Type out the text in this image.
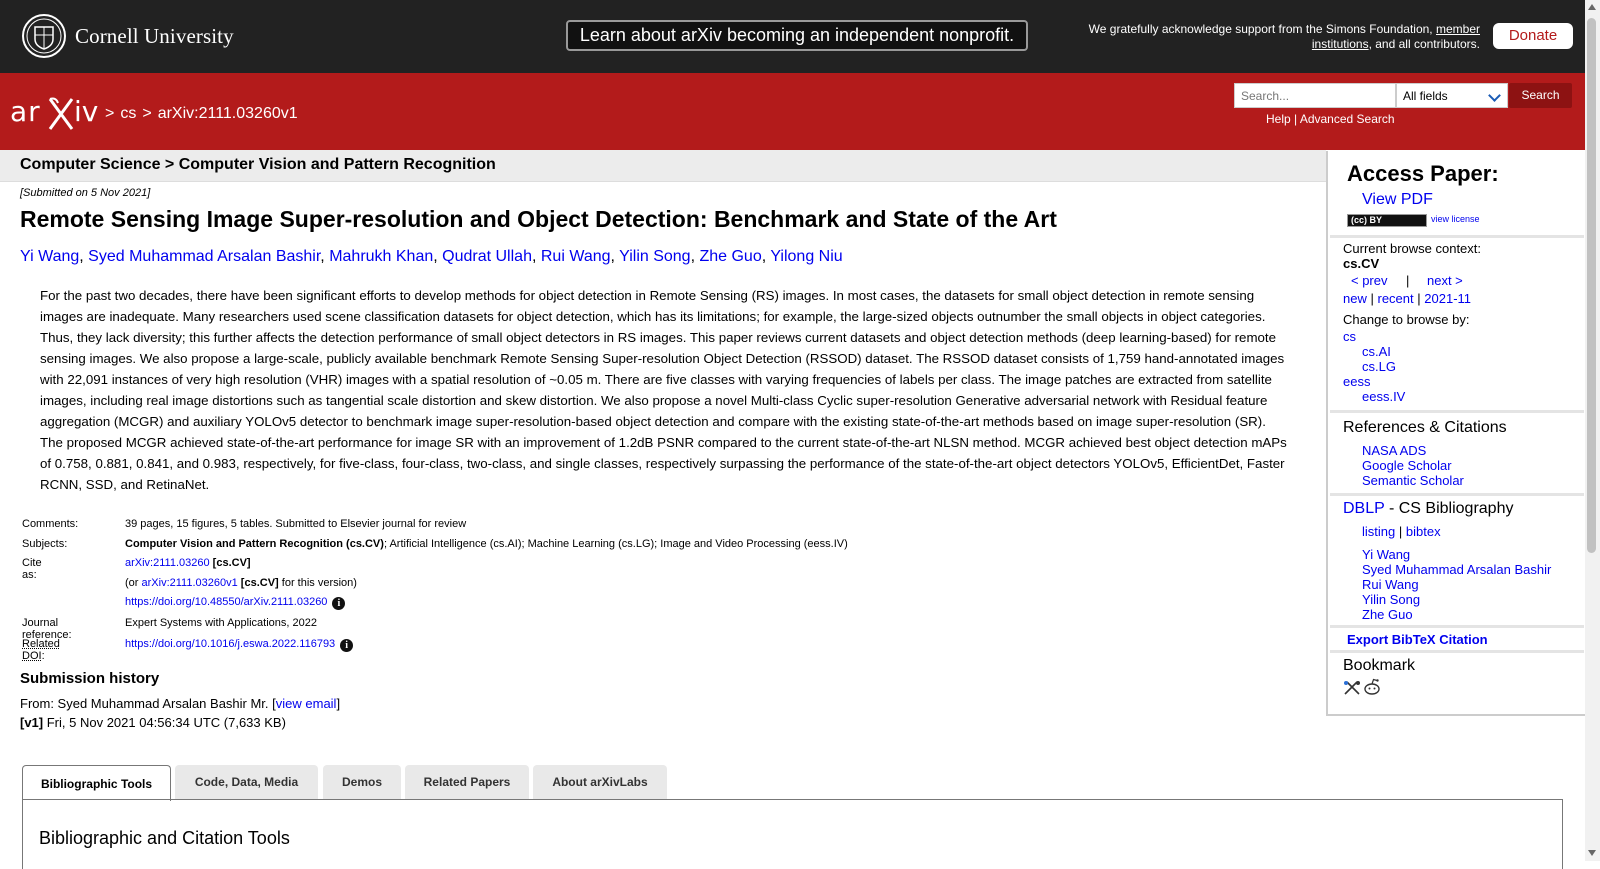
Cornell University	Learn about arXiv becoming an independent nonprofit.	We gratefully acknowledge support from the Simons Foundation, member institutions, and all contributors.	Donate
ar iv > cs > arXiv:2111.03260v1
Search...
All fields	Search
Help | Advanced Search
Computer Science > Computer Vision and Pattern Recognition
[Submitted on 5 Nov 2021]
Remote Sensing Image Super-resolution and Object Detection: Benchmark and State of the Art
Yi Wang, Syed Muhammad Arsalan Bashir, Mahrukh Khan, Qudrat Ullah, Rui Wang, Yilin Song, Zhe Guo, Yilong Niu
For the past two decades, there have been significant efforts to develop methods for object detection in Remote Sensing (RS) images. In most cases, the datasets for small object detection in remote sensing images are inadequate. Many researchers used scene classification datasets for object detection, which has its limitations; for example, the large-sized objects outnumber the small objects in object categories. Thus, they lack diversity; this further affects the detection performance of small object detectors in RS images. This paper reviews current datasets and object detection methods (deep learning-based) for remote sensing images. We also propose a large-scale, publicly available benchmark Remote Sensing Super-resolution Object Detection (RSSOD) dataset. The RSSOD dataset consists of 1,759 hand-annotated images with 22,091 instances of very high resolution (VHR) images with a spatial resolution of ~0.05 m. There are five classes with varying frequencies of labels per class. The image patches are extracted from satellite images, including real image distortions such as tangential scale distortion and skew distortion. We also propose a novel Multi-class Cyclic super-resolution Generative adversarial network with Residual feature aggregation (MCGR) and auxiliary YOLOv5 detector to benchmark image super-resolution-based object detection and compare with the existing state-of-the-art methods based on image super-resolution (SR). The proposed MCGR achieved state-of-the-art performance for image SR with an improvement of 1.2dB PSNR compared to the current state-of-the-art NLSN method. MCGR achieved best object detection mAPs of 0.758, 0.881, 0.841, and 0.983, respectively, for five-class, four-class, two-class, and single classes, respectively surpassing the performance of the state-of-the-art object detectors YOLOv5, EfficientDet, Faster RCNN, SSD, and RetinaNet.
Comments:	39 pages, 15 figures, 5 tables. Submitted to Elsevier journal for review
Subjects:	Computer Vision and Pattern Recognition (cs.CV); Artificial Intelligence (cs.AI); Machine Learning (cs.LG); Image and Video Processing (eess.IV)
Cite as:
arXiv:2111.03260 [cs.CV]
(or arXiv:2111.03260v1 [cs.CV] for this version)
https://doi.org/10.48550/arXiv.2111.03260 i
Journal reference:
Expert Systems with Applications, 2022
Related DOI:
https://doi.org/10.1016/j.eswa.2022.116793 i
Submission history
From: Syed Muhammad Arsalan Bashir Mr. [view email]
[v1] Fri, 5 Nov 2021 04:56:34 UTC (7,633 KB)
Bibliographic Tools	Code, Data, Media	Demos	Related Papers	About arXivLabs
Bibliographic and Citation Tools
Access Paper:
View PDF
(cc) BY	view license
Current browse context:
cs.CV
< prev | next >
new | recent | 2021-11
Change to browse by:
cs
cs.AI
cs.LG
eess
eess.IV
References & Citations
NASA ADS
Google Scholar
Semantic Scholar
DBLP - CS Bibliography
listing | bibtex
Yi Wang
Syed Muhammad Arsalan Bashir
Rui Wang
Yilin Song
Zhe Guo
Export BibTeX Citation
Bookmark
